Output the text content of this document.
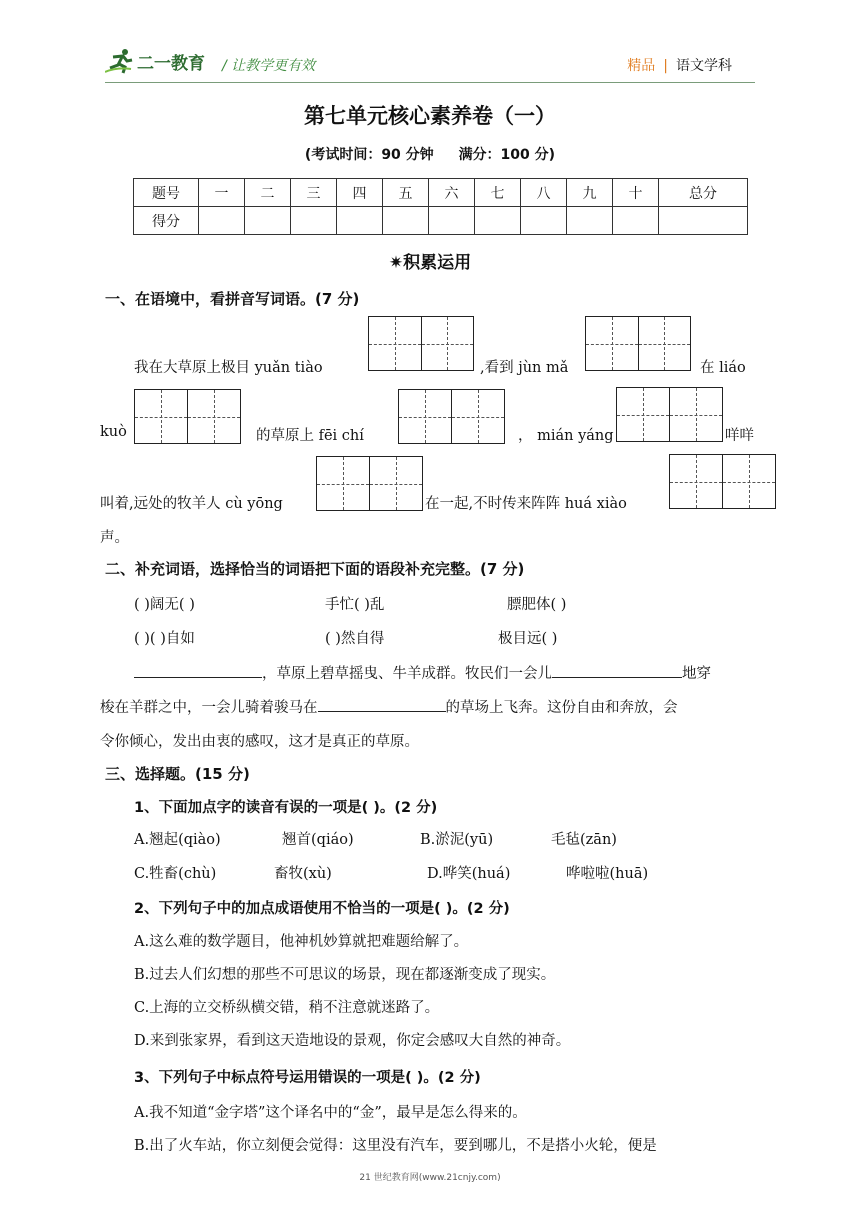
二一教育 / 让教学更有效	精品 | 语文学科
第七单元核心素养卷（一）
(考试时间：90 分钟 满分：100 分)
题号	一	二	三	四	五	六	七	八	九	十	总分
得分											
✷积累运用
一、在语境中，看拼音写词语。(7 分)
我在大草原上极目 yuǎn tiào	,看到 jùn mǎ	在 liáo
kuò	的草原上 fēi chí	， mián yáng	咩咩
叫着,远处的牧羊人 cù yōng	在一起,不时传来阵阵 huá xiào
声。
二、补充词语，选择恰当的词语把下面的语段补充完整。(7 分)
( )阔无( )	手忙( )乱	膘肥体( )
( )( )自如	( )然自得	极目远( )
，草原上碧草摇曳、牛羊成群。牧民们一会儿	地穿
梭在羊群之中，一会儿骑着骏马在	的草场上飞奔。这份自由和奔放，会
令你倾心，发出由衷的感叹，这才是真正的草原。
三、选择题。(15 分)
1、下面加点字的读音有误的一项是( )。(2 分)
A.翘起(qiào)	翘首(qiáo)	B.淤泥(yū)	毛毡(zān)
C.牲畜(chù)	畜牧(xù)	D.哗笑(huá)	哗啦啦(huā)
2、下列句子中的加点成语使用不恰当的一项是( )。(2 分)
A.这么难的数学题目，他神机妙算就把难题给解了。
B.过去人们幻想的那些不可思议的场景，现在都逐渐变成了现实。
C.上海的立交桥纵横交错，稍不注意就迷路了。
D.来到张家界，看到这天造地设的景观，你定会感叹大自然的神奇。
3、下列句子中标点符号运用错误的一项是( )。(2 分)
A.我不知道“金字塔”这个译名中的“金”，最早是怎么得来的。
B.出了火车站，你立刻便会觉得：这里没有汽车，要到哪儿，不是搭小火轮，便是
21 世纪教育网(www.21cnjy.com)
